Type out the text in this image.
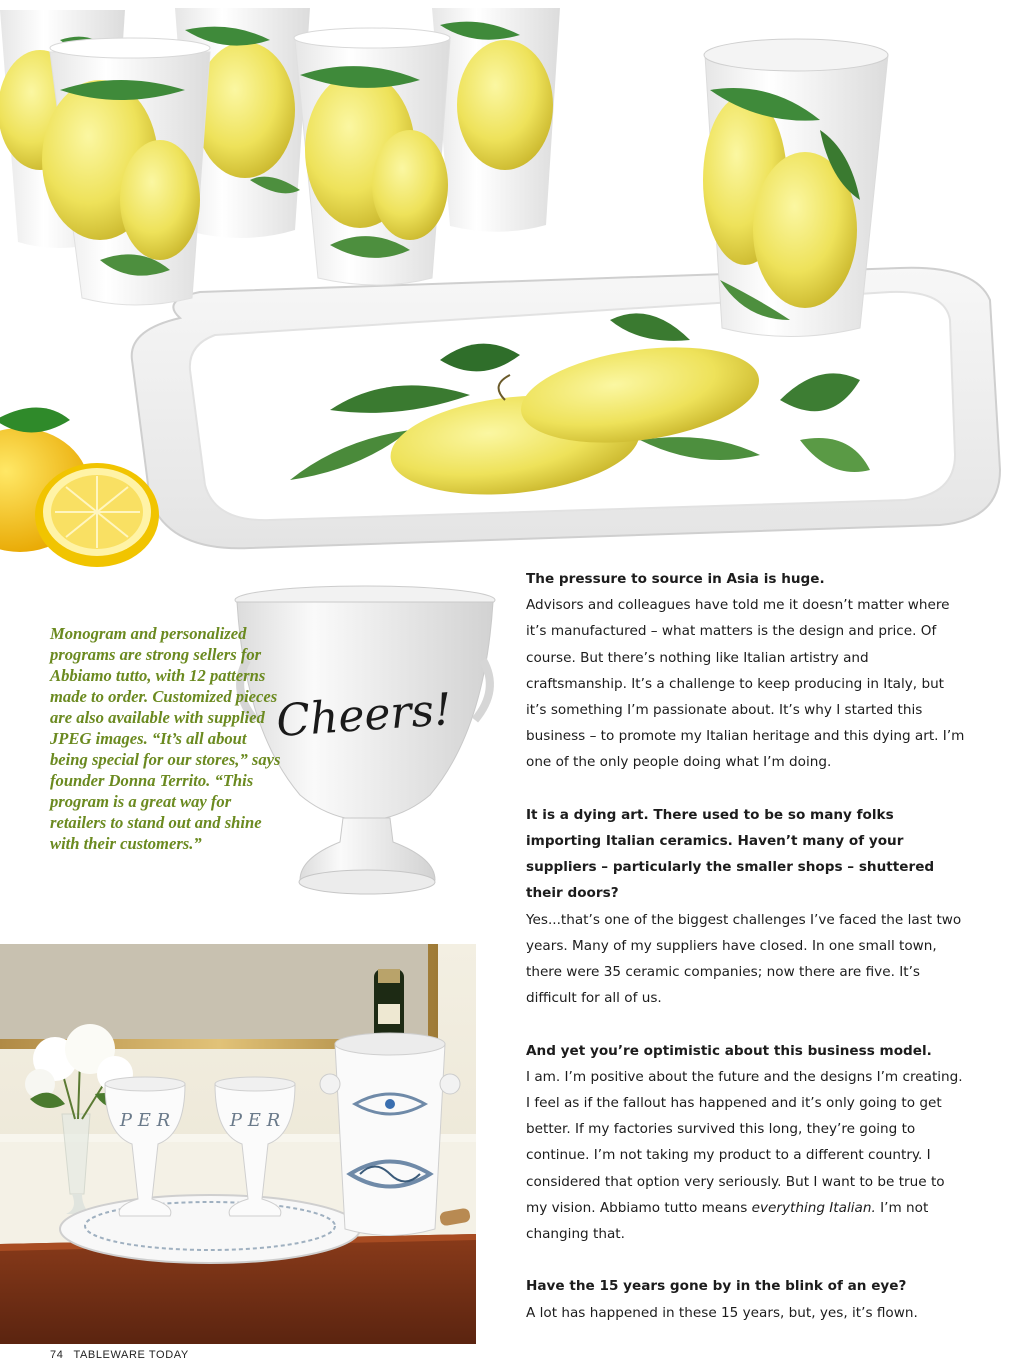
Cheers!
P E R	P E R
Monogram and personalized programs are strong sellers for Abbiamo tutto, with 12 patterns made to order. Customized pieces are also available with supplied JPEG images. “It’s all about being special for our stores,” says founder Donna Territo. “This program is a great way for retailers to stand out and shine with their customers.”

The pressure to source in Asia is huge.
Advisors and colleagues have told me it doesn’t matter where it’s manufactured – what matters is the design and price. Of course. But there’s nothing like Italian artistry and craftsmanship. It’s a challenge to keep producing in Italy, but it’s something I’m passionate about. It’s why I started this business – to promote my Italian heritage and this dying art. I’m one of the only people doing what I’m doing.

It is a dying art. There used to be so many folks importing Italian ceramics. Haven’t many of your suppliers – particularly the smaller shops – shuttered their doors?
Yes...that’s one of the biggest challenges I’ve faced the last two years. Many of my suppliers have closed. In one small town, there were 35 ceramic companies; now there are five. It’s difficult for all of us.

And yet you’re optimistic about this business model.
I am. I’m positive about the future and the designs I’m creating. I feel as if the fallout has happened and it’s only going to get better. If my factories survived this long, they’re going to continue. I’m not taking my product to a different country. I considered that option very seriously. But I want to be true to my vision. Abbiamo tutto means everything Italian. I’m not changing that.

Have the 15 years gone by in the blink of an eye?
A lot has happened in these 15 years, but, yes, it’s flown.

74 TABLEWARE TODAY
